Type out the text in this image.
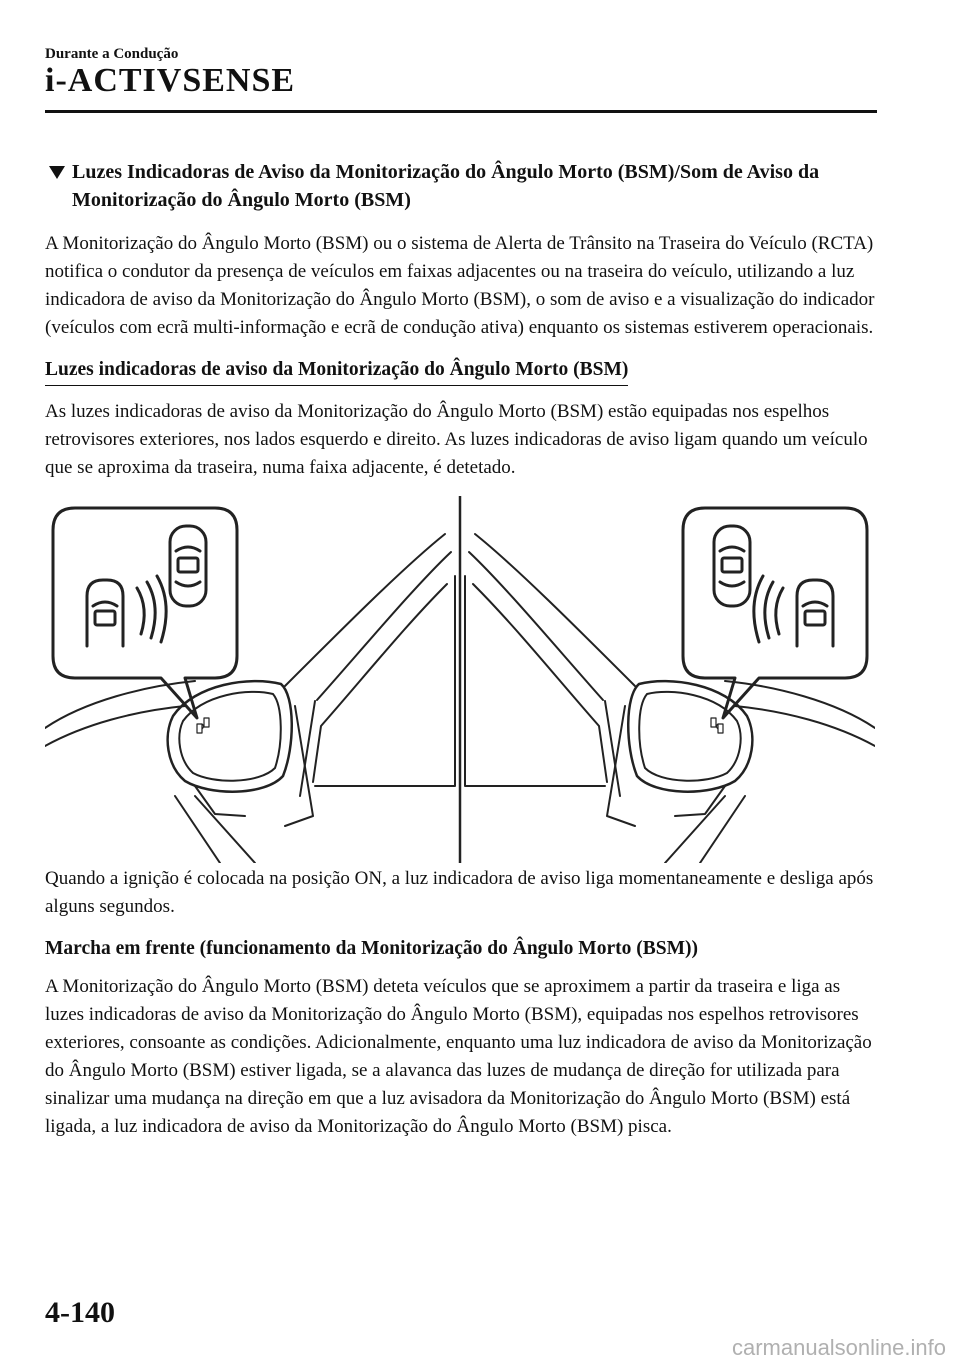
Durante a Condução
i-ACTIVSENSE
Luzes Indicadoras de Aviso da Monitorização do Ângulo Morto (BSM)/Som de Aviso da Monitorização do Ângulo Morto (BSM)

A Monitorização do Ângulo Morto (BSM) ou o sistema de Alerta de Trânsito na Traseira do Veículo (RCTA) notifica o condutor da presença de veículos em faixas adjacentes ou na traseira do veículo, utilizando a luz indicadora de aviso da Monitorização do Ângulo Morto (BSM), o som de aviso e a visualização do indicador (veículos com ecrã multi-informação e ecrã de condução ativa) enquanto os sistemas estiverem operacionais.

Luzes indicadoras de aviso da Monitorização do Ângulo Morto (BSM)

As luzes indicadoras de aviso da Monitorização do Ângulo Morto (BSM) estão equipadas nos espelhos retrovisores exteriores, nos lados esquerdo e direito. As luzes indicadoras de aviso ligam quando um veículo que se aproxima da traseira, numa faixa adjacente, é detetado.

Quando a ignição é colocada na posição ON, a luz indicadora de aviso liga momentaneamente e desliga após alguns segundos.

Marcha em frente (funcionamento da Monitorização do Ângulo Morto (BSM))

A Monitorização do Ângulo Morto (BSM) deteta veículos que se aproximem a partir da traseira e liga as luzes indicadoras de aviso da Monitorização do Ângulo Morto (BSM), equipadas nos espelhos retrovisores exteriores, consoante as condições. Adicionalmente, enquanto uma luz indicadora de aviso da Monitorização do Ângulo Morto (BSM) estiver ligada, se a alavanca das luzes de mudança de direção for utilizada para sinalizar uma mudança na direção em que a luz avisadora da Monitorização do Ângulo Morto (BSM) está ligada, a luz indicadora de aviso da Monitorização do Ângulo Morto (BSM) pisca.

4-140
carmanualsonline.info
